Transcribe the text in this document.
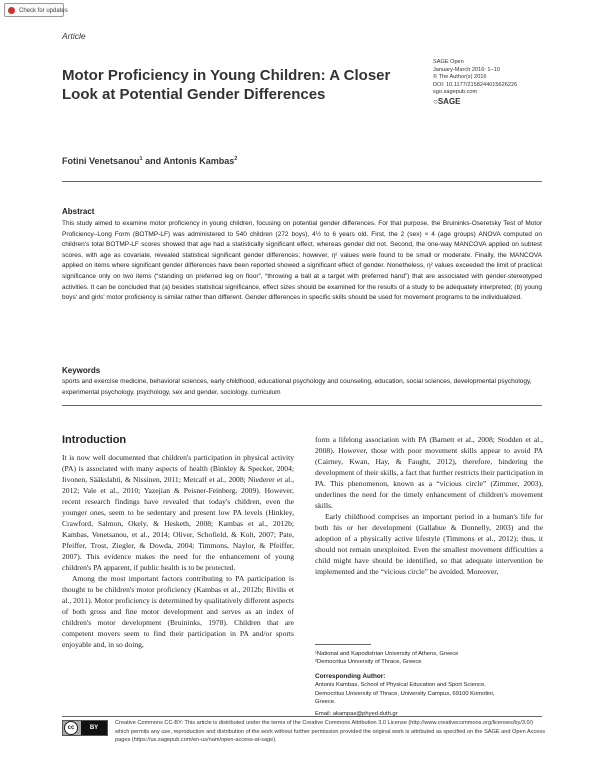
Check for updates
Article
Motor Proficiency in Young Children: A Closer Look at Potential Gender Differences
SAGE Open
January-March 2016: 1–10
© The Author(s) 2016
DOI: 10.1177/2158244015626226
sgo.sagepub.com
○SAGE
Fotini Venetsanou$^1$ and Antonis Kambas$^2$
Abstract
This study aimed to examine motor proficiency in young children, focusing on potential gender differences. For that purpose, the Bruininks-Oseretsky Test of Motor Proficiency–Long Form (BOTMP-LF) was administered to 540 children (272 boys), 4½ to 6 years old. First, the 2 (sex) × 4 (age groups) ANOVA computed on children's total BOTMP-LF scores showed that age had a statistically significant effect, whereas gender did not. Second, the one-way MANCOVA applied on subtest scores, with age as covariate, revealed statistical significant gender differences; however, η² values were found to be small or moderate. Finally, the MANCOVA applied on items where significant gender differences have been reported showed a significant effect of gender. Nonetheless, η² values exceeded the limit of practical significance only on two items (“standing on preferred leg on floor”, “throwing a ball at a target with preferred hand”) that are associated with gender-stereotyped activities. It can be concluded that (a) besides statistical significance, effect sizes should be examined for the results of a study to be adequately interpreted; (b) young boys' and girls' motor proficiency is similar rather than different. Gender differences in specific skills should be used for movement programs to be individualized.
Keywords
sports and exercise medicine, behavioral sciences, early childhood, educational psychology and counseling, education, social sciences, developmental psychology, experimental psychology, psychology, sex and gender, sociology, curriculum
Introduction

It is now well documented that children's participation in physical activity (PA) is associated with many aspects of health (Binkley & Specker, 2004; Iivonen, Sääkslahti, & Nissinen, 2011; Metcalf et al., 2008; Niederer et al., 2012; Vale et al., 2010; Yazejian & Peisner-Feinberg, 2009). However, recent research findings have revealed that today's children, even the younger ones, seem to be sedentary and present low PA levels (Hinkley, Crawford, Salmon, Okely, & Hesketh, 2008; Kambas et al., 2012b; Kambas, Venetsanou, et al., 2014; Oliver, Schofield, & Kolt, 2007; Pate, Pfeiffer, Trost, Ziegler, & Dowda, 2004; Timmons, Naylor, & Pfeiffer, 2007). This evidence makes the need for the enhancement of young children's PA apparent, if public health is to be protected.

Among the most important factors contributing to PA participation is thought to be children's motor proficiency (Kambas et al., 2012b; Rivilis et al., 2011). Motor proficiency is determined by qualitatively different aspects of both gross and fine motor development and serves as an index of children's motor development (Bruininks, 1978). Children that are competent movers seem to find their participation in PA and/or sports enjoyable and, in so doing,

form a lifelong association with PA (Barnett et al., 2008; Stodden et al., 2008). However, those with poor movement skills appear to avoid PA (Cairney, Kwan, Hay, & Faught, 2012), therefore, hindering the development of their skills, a fact that further restricts their participation in PA. This phenomenon, known as a “vicious circle” (Zimmer, 2003), underlines the need for the timely enhancement of children's movement skills.

Early childhood comprises an important period in a human's life for both his or her development (Gallahue & Donnelly, 2003) and the adoption of a physically active lifestyle (Timmons et al., 2012); thus, it should not remain unexploited. Even the smallest movement difficulties a child might have should be identified, so that adequate intervention be implemented and the “vicious circle” be avoided. Moreover,

¹National and Kapodistrian University of Athens, Greece
²Democritus University of Thrace, Greece
Corresponding Author:
Antonis Kambas, School of Physical Education and Sport Science,
Democritus University of Thrace, University Campus, 69100 Komotini,
Greece.
Email: akampas@phyed.duth.gr
cc	BY
Creative Commons CC-BY: This article is distributed under the terms of the Creative Commons Attribution 3.0 License (http://www.creativecommons.org/licenses/by/3.0/) which permits any use, reproduction and distribution of the work without further permission provided the original work is attributed as specified on the SAGE and Open Access pages (https://us.sagepub.com/en-us/nam/open-access-at-sage).
